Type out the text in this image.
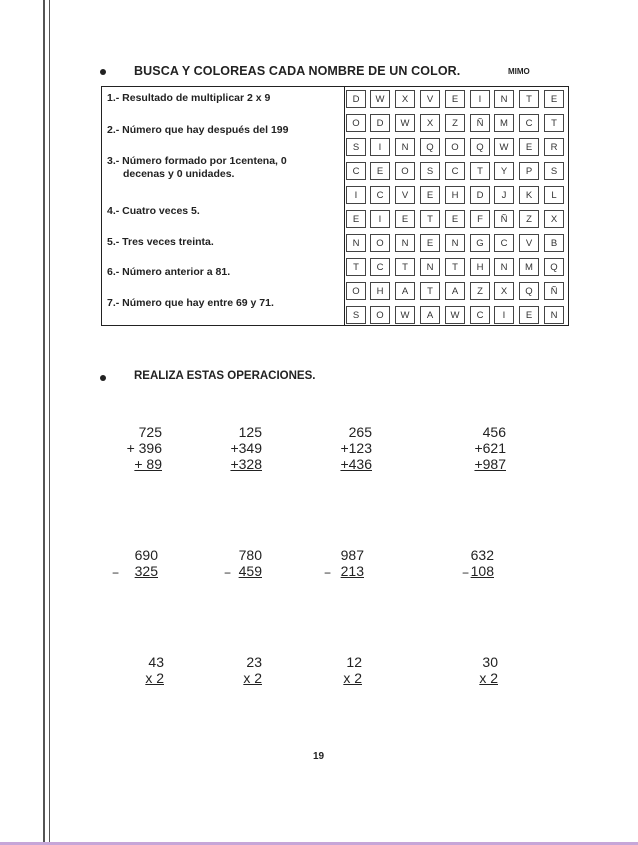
BUSCA Y COLOREAS CADA NOMBRE DE UN COLOR.	MIMO
1.- Resultado de multiplicar 2 x 9
2.- Número que hay después del 199
3.- Número formado por 1centena, 0
decenas y 0 unidades.
4.- Cuatro veces 5.
5.- Tres veces treinta.
6.- Número anterior a 81.
7.- Número que hay entre 69 y 71.
D	W	X	V	E	I	N	T	E
O	D	W	X	Z	Ñ	M	C	T
S	I	N	Q	O	Q	W	E	R
C	E	O	S	C	T	Y	P	S
I	C	V	E	H	D	J	K	L
E	I	E	T	E	F	Ñ	Z	X
N	O	N	E	N	G	C	V	B
T	C	T	N	T	H	N	M	Q
O	H	A	T	A	Z	X	Q	Ñ
S	O	W	A	W	C	I	E	N
REALIZA ESTAS OPERACIONES.
725
+ 396
+ 89
125
+349
+328
265
+123
+436
456
+621
+987
−
690
325	−
780
459	−
987
213	−
632
108
43
x 2
23
x 2
12
x 2
30
x 2
19
